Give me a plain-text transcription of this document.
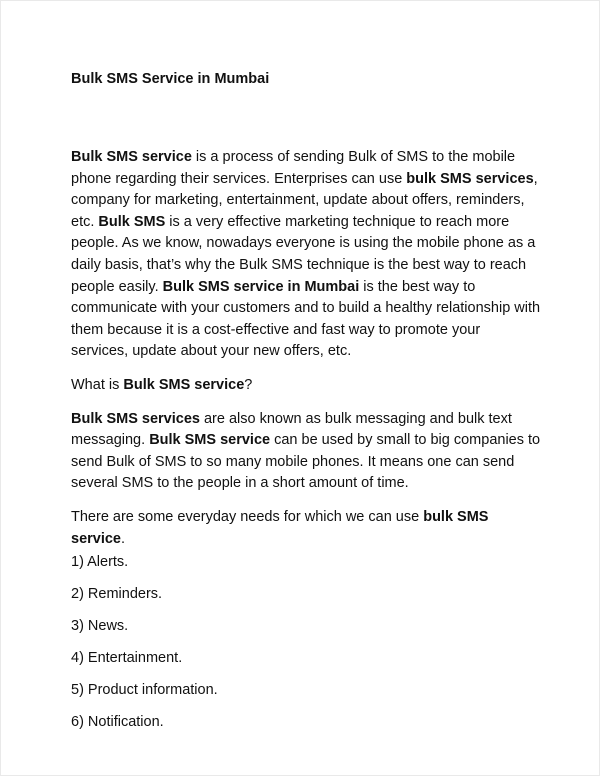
Bulk SMS Service in Mumbai

Bulk SMS service is a process of sending Bulk of SMS to the mobile phone regarding their services. Enterprises can use bulk SMS services, company for marketing, entertainment, update about offers, reminders, etc. Bulk SMS is a very effective marketing technique to reach more people. As we know, nowadays everyone is using the mobile phone as a daily basis, that’s why the Bulk SMS technique is the best way to reach people easily. Bulk SMS service in Mumbai is the best way to communicate with your customers and to build a healthy relationship with them because it is a cost-effective and fast way to promote your services, update about your new offers, etc.

What is Bulk SMS service?

Bulk SMS services are also known as bulk messaging and bulk text messaging. Bulk SMS service can be used by small to big companies to send Bulk of SMS to so many mobile phones. It means one can send several SMS to the people in a short amount of time.

There are some everyday needs for which we can use bulk SMS service.

1) Alerts.
2) Reminders.
3) News.
4) Entertainment.
5) Product information.
6) Notification.
